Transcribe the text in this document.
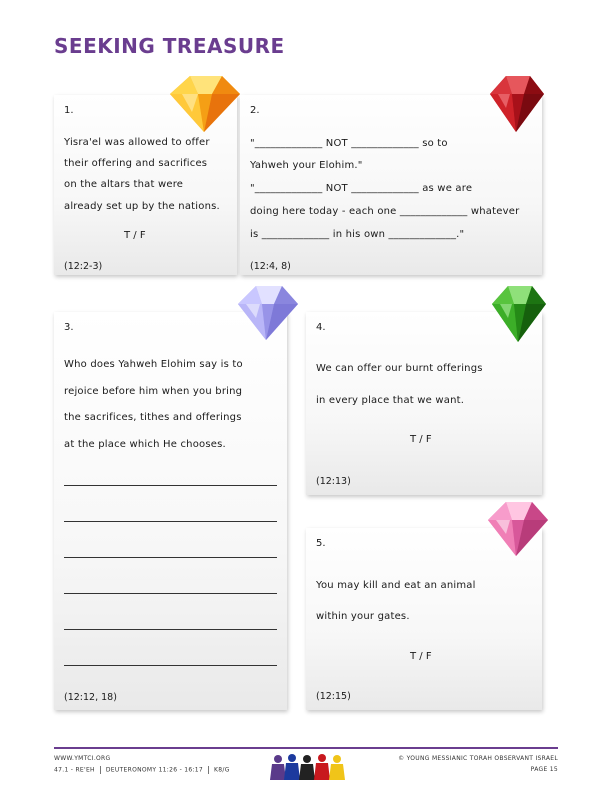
SEEKING TREASURE
1.
Yisra'el was allowed to offer
their offering and sacrifices
on the altars that were
already set up by the nations.
T / F
(12:2-3)
2.
"_____________ NOT _____________ so to
Yahweh your Elohim."
"_____________ NOT _____________ as we are
doing here today - each one _____________ whatever
is _____________ in his own _____________."
(12:4, 8)
3.
Who does Yahweh Elohim say is to
rejoice before him when you bring
the sacrifices, tithes and offerings
at the place which He chooses.
(12:12, 18)
4.
We can offer our burnt offerings
in every place that we want.
T / F
(12:13)
5.
You may kill and eat an animal
within your gates.
T / F
(12:15)
WWW.YMTCI.ORG
47.1 - RE'EH DEUTERONOMY 11:26 - 16:17 K8/G
© YOUNG MESSIANIC TORAH OBSERVANT ISRAEL
PAGE 15
